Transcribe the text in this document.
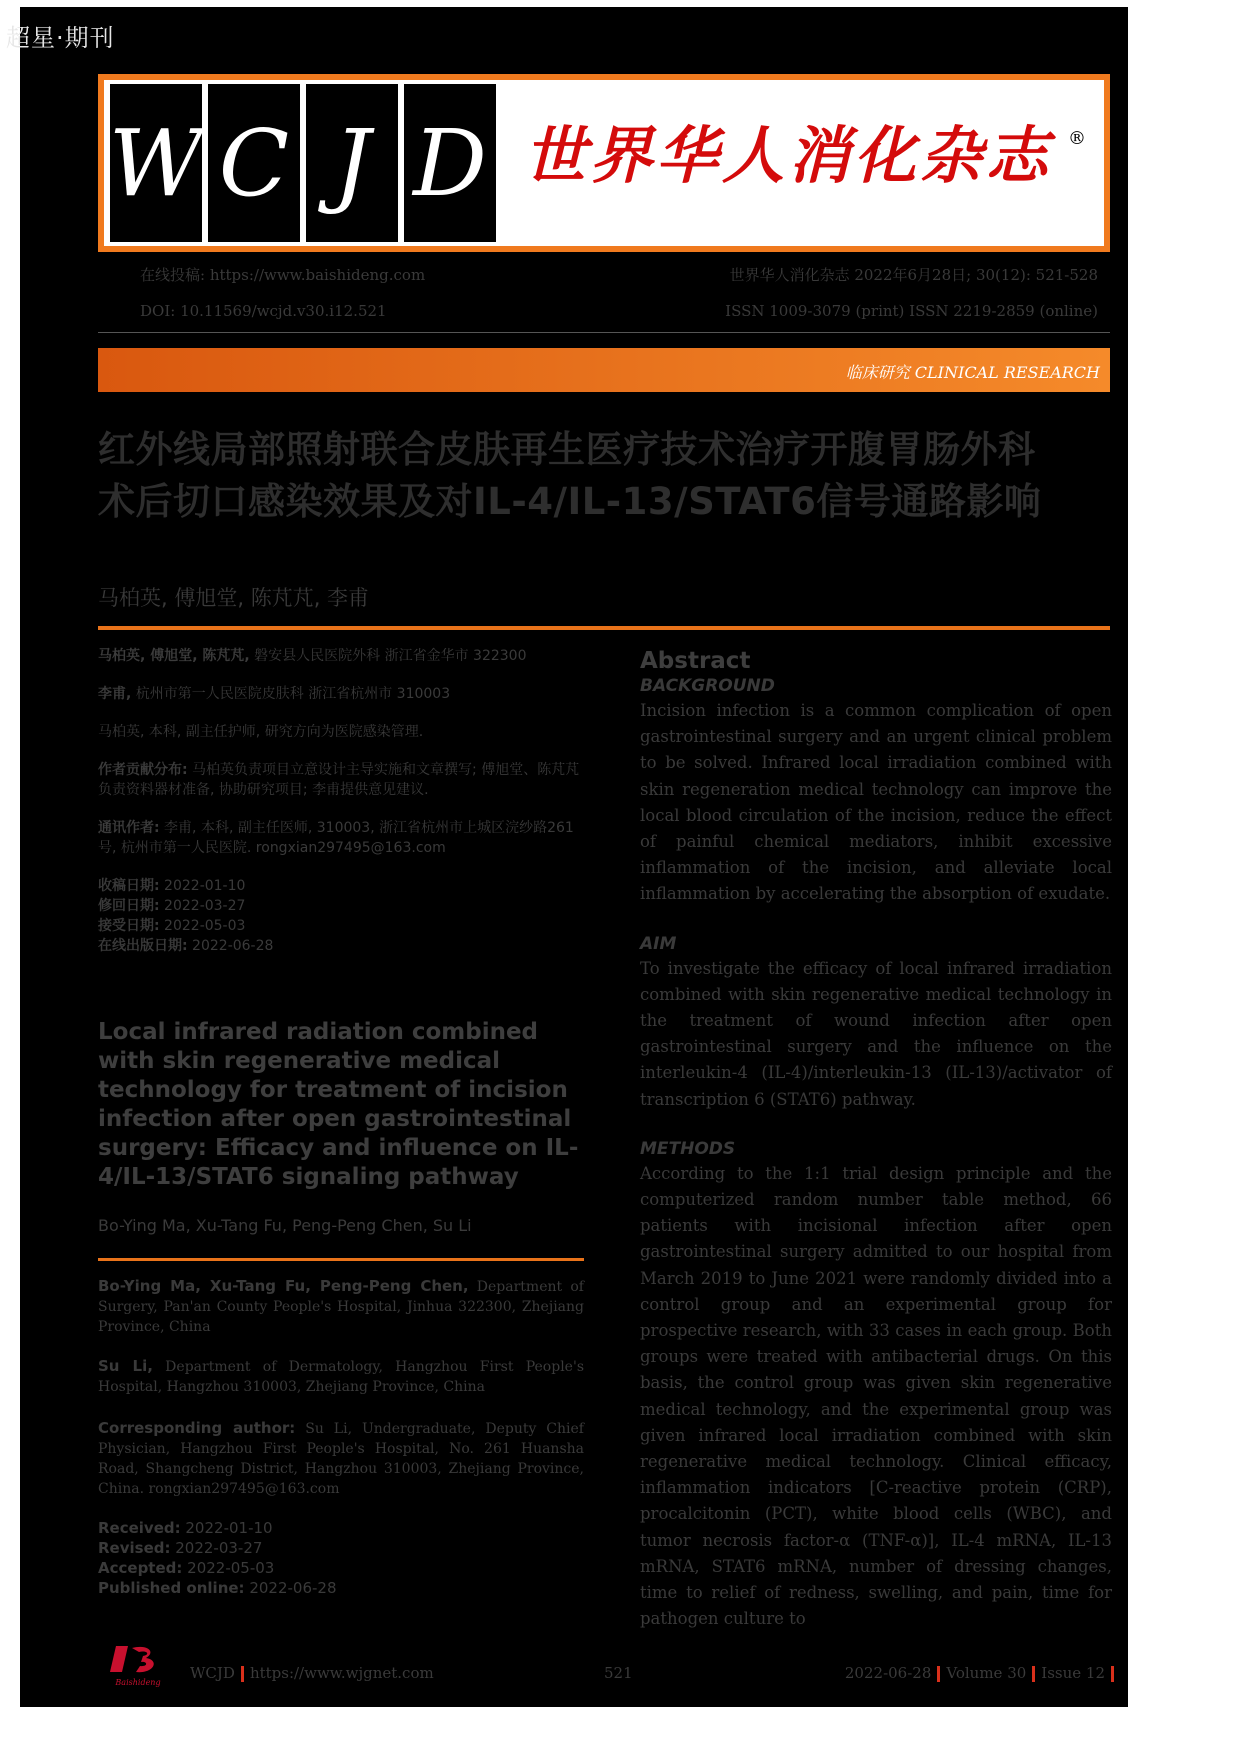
超星·期刊
W C J D 世界华人消化杂志 ®
在线投稿: https://www.baishideng.com	世界华人消化杂志 2022年6月28日; 30(12): 521-528
DOI: 10.11569/wcjd.v30.i12.521	ISSN 1009-3079 (print) ISSN 2219-2859 (online)
临床研究 CLINICAL RESEARCH
红外线局部照射联合皮肤再生医疗技术治疗开腹胃肠外科
术后切口感染效果及对IL-4/IL-13/STAT6信号通路影响
马柏英, 傅旭堂, 陈芃芃, 李甫

马柏英, 傅旭堂, 陈芃芃, 磐安县人民医院外科 浙江省金华市 322300

李甫, 杭州市第一人民医院皮肤科 浙江省杭州市 310003

马柏英, 本科, 副主任护师, 研究方向为医院感染管理.

作者贡献分布: 马柏英负责项目立意设计主导实施和文章撰写; 傅旭堂、陈芃芃负责资料器材准备, 协助研究项目; 李甫提供意见建议.

通讯作者: 李甫, 本科, 副主任医师, 310003, 浙江省杭州市上城区浣纱路261号, 杭州市第一人民医院. rongxian297495@163.com

收稿日期: 2022-01-10

修回日期: 2022-03-27

接受日期: 2022-05-03

在线出版日期: 2022-06-28

Local infrared radiation combined with skin regenerative medical technology for treatment of incision infection after open gastrointestinal surgery: Efficacy and influence on IL-4/IL-13/STAT6 signaling pathway
Bo-Ying Ma, Xu-Tang Fu, Peng-Peng Chen, Su Li
Bo-Ying Ma, Xu-Tang Fu, Peng-Peng Chen, Department of Surgery, Pan'an County People's Hospital, Jinhua 322300, Zhejiang Province, China
Su Li, Department of Dermatology, Hangzhou First People's Hospital, Hangzhou 310003, Zhejiang Province, China
Corresponding author: Su Li, Undergraduate, Deputy Chief Physician, Hangzhou First People's Hospital, No. 261 Huansha Road, Shangcheng District, Hangzhou 310003, Zhejiang Province, China. rongxian297495@163.com
Received: 2022-01-10
Revised: 2022-03-27
Accepted: 2022-05-03
Published online: 2022-06-28

Abstract

BACKGROUND

Incision infection is a common complication of open gastrointestinal surgery and an urgent clinical problem to be solved. Infrared local irradiation combined with skin regeneration medical technology can improve the local blood circulation of the incision, reduce the effect of painful chemical mediators, inhibit excessive inflammation of the incision, and alleviate local inflammation by accelerating the absorption of exudate.

AIM

To investigate the efficacy of local infrared irradiation combined with skin regenerative medical technology in the treatment of wound infection after open gastrointestinal surgery and the influence on the interleukin-4 (IL-4)/interleukin-13 (IL-13)/activator of transcription 6 (STAT6) pathway.

METHODS

According to the 1:1 trial design principle and the computerized random number table method, 66 patients with incisional infection after open gastrointestinal surgery admitted to our hospital from March 2019 to June 2021 were randomly divided into a control group and an experimental group for prospective research, with 33 cases in each group. Both groups were treated with antibacterial drugs. On this basis, the control group was given skin regenerative medical technology, and the experimental group was given infrared local irradiation combined with skin regenerative medical technology. Clinical efficacy, inflammation indicators [C-reactive protein (CRP), procalcitonin (PCT), white blood cells (WBC), and tumor necrosis factor-α (TNF-α)], IL-4 mRNA, IL-13 mRNA, STAT6 mRNA, number of dressing changes, time to relief of redness, swelling, and pain, time for pathogen culture to

Baishideng
WCJD https://www.wjgnet.com	521	2022-06-28 Volume 30 Issue 12
